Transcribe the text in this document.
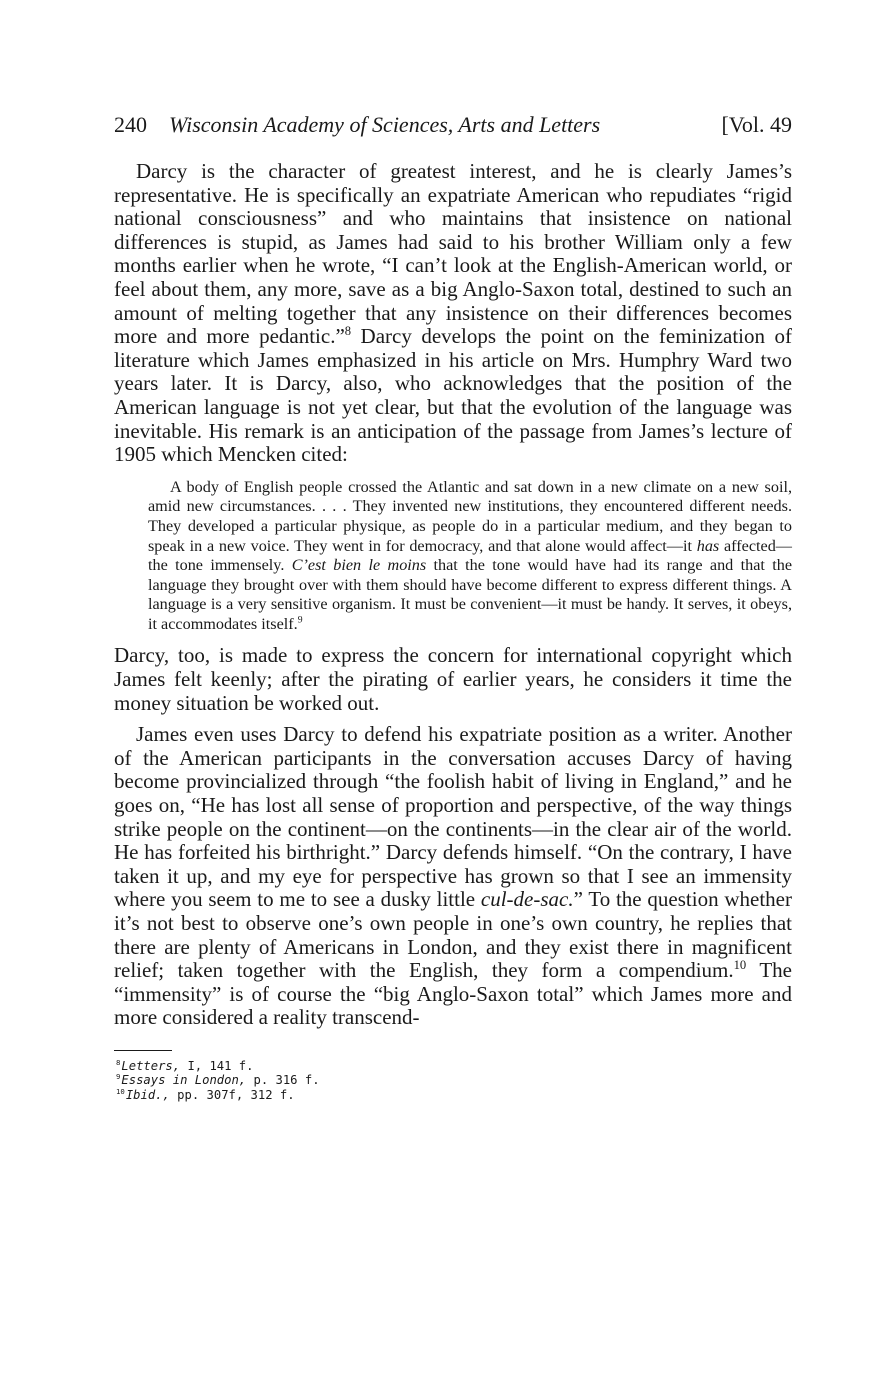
240 Wisconsin Academy of Sciences, Arts and Letters	[Vol. 49

Darcy is the character of greatest interest, and he is clearly James’s representative. He is specifically an expatriate American who repudiates “rigid national consciousness” and who maintains that insistence on national differences is stupid, as James had said to his brother William only a few months earlier when he wrote, “I can’t look at the English-American world, or feel about them, any more, save as a big Anglo-Saxon total, destined to such an amount of melting together that any insistence on their differences becomes more and more pedantic.”$^8$ Darcy develops the point on the feminization of literature which James emphasized in his article on Mrs. Humphry Ward two years later. It is Darcy, also, who acknowledges that the position of the American language is not yet clear, but that the evolution of the language was inevitable. His remark is an anticipation of the passage from James’s lecture of 1905 which Mencken cited:

A body of English people crossed the Atlantic and sat down in a new climate on a new soil, amid new circumstances. . . . They invented new institutions, they encountered different needs. They developed a particular physique, as people do in a particular medium, and they began to speak in a new voice. They went in for democracy, and that alone would affect—it has affected—the tone immensely. C’est bien le moins that the tone would have had its range and that the language they brought over with them should have become different to express different things. A language is a very sensitive organism. It must be convenient—it must be handy. It serves, it obeys, it accommodates itself.$^9$

Darcy, too, is made to express the concern for international copyright which James felt keenly; after the pirating of earlier years, he considers it time the money situation be worked out.

James even uses Darcy to defend his expatriate position as a writer. Another of the American participants in the conversation accuses Darcy of having become provincialized through “the foolish habit of living in England,” and he goes on, “He has lost all sense of proportion and perspective, of the way things strike people on the continent—on the continents—in the clear air of the world. He has forfeited his birthright.” Darcy defends himself. “On the contrary, I have taken it up, and my eye for perspective has grown so that I see an immensity where you seem to me to see a dusky little cul-de-sac.” To the question whether it’s not best to observe one’s own people in one’s own country, he replies that there are plenty of Americans in London, and they exist there in magnificent relief; taken together with the English, they form a compendium.$^{10}$ The “immensity” is of course the “big Anglo-Saxon total” which James more and more considered a reality transcend-

$^8$Letters, I, 141 f.

$^9$Essays in London, p. 316 f.

$^{10}$Ibid., pp. 307f, 312 f.
